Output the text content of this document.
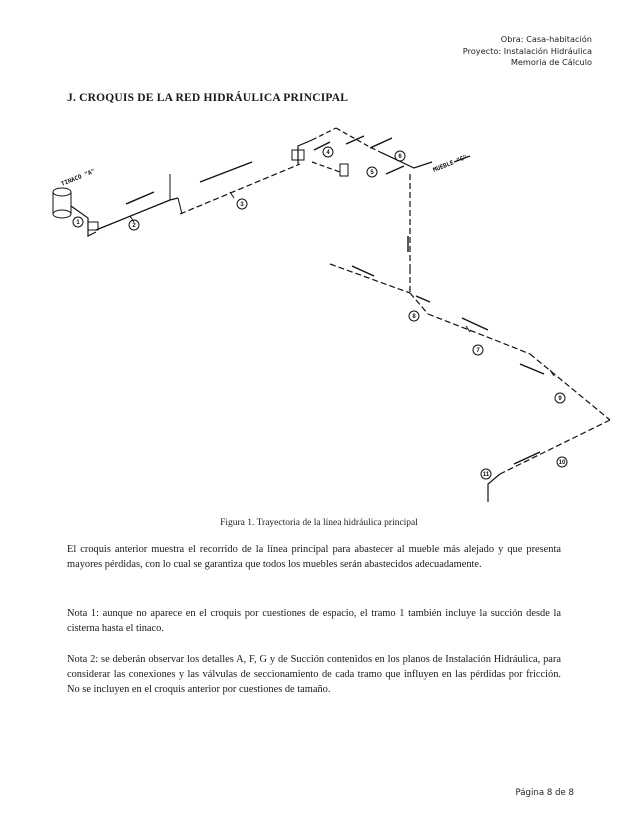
Obra: Casa-habitación
Proyecto: Instalación Hidráulica
Memoria de Cálculo
J. CROQUIS DE LA RED HIDRÁULICA PRINCIPAL
TINACO "A"
MUEBLE "C"
1	2
3
4
5
6
7
8
9
10
11
Figura 1. Trayectoria de la línea hidráulica principal
El croquis anterior muestra el recorrido de la línea principal para abastecer al mueble más alejado y que presenta mayores pérdidas, con lo cual se garantiza que todos los muebles serán abastecidos adecuadamente.
Nota 1: aunque no aparece en el croquis por cuestiones de espacio, el tramo 1 también incluye la succión desde la cisterna hasta el tinaco.
Nota 2: se deberán observar los detalles A, F, G y de Succión contenidos en los planos de Instalación Hidráulica, para considerar las conexiones y las válvulas de seccionamiento de cada tramo que influyen en las pérdidas por fricción. No se incluyen en el croquis anterior por cuestiones de tamaño.
Página 8 de 8
